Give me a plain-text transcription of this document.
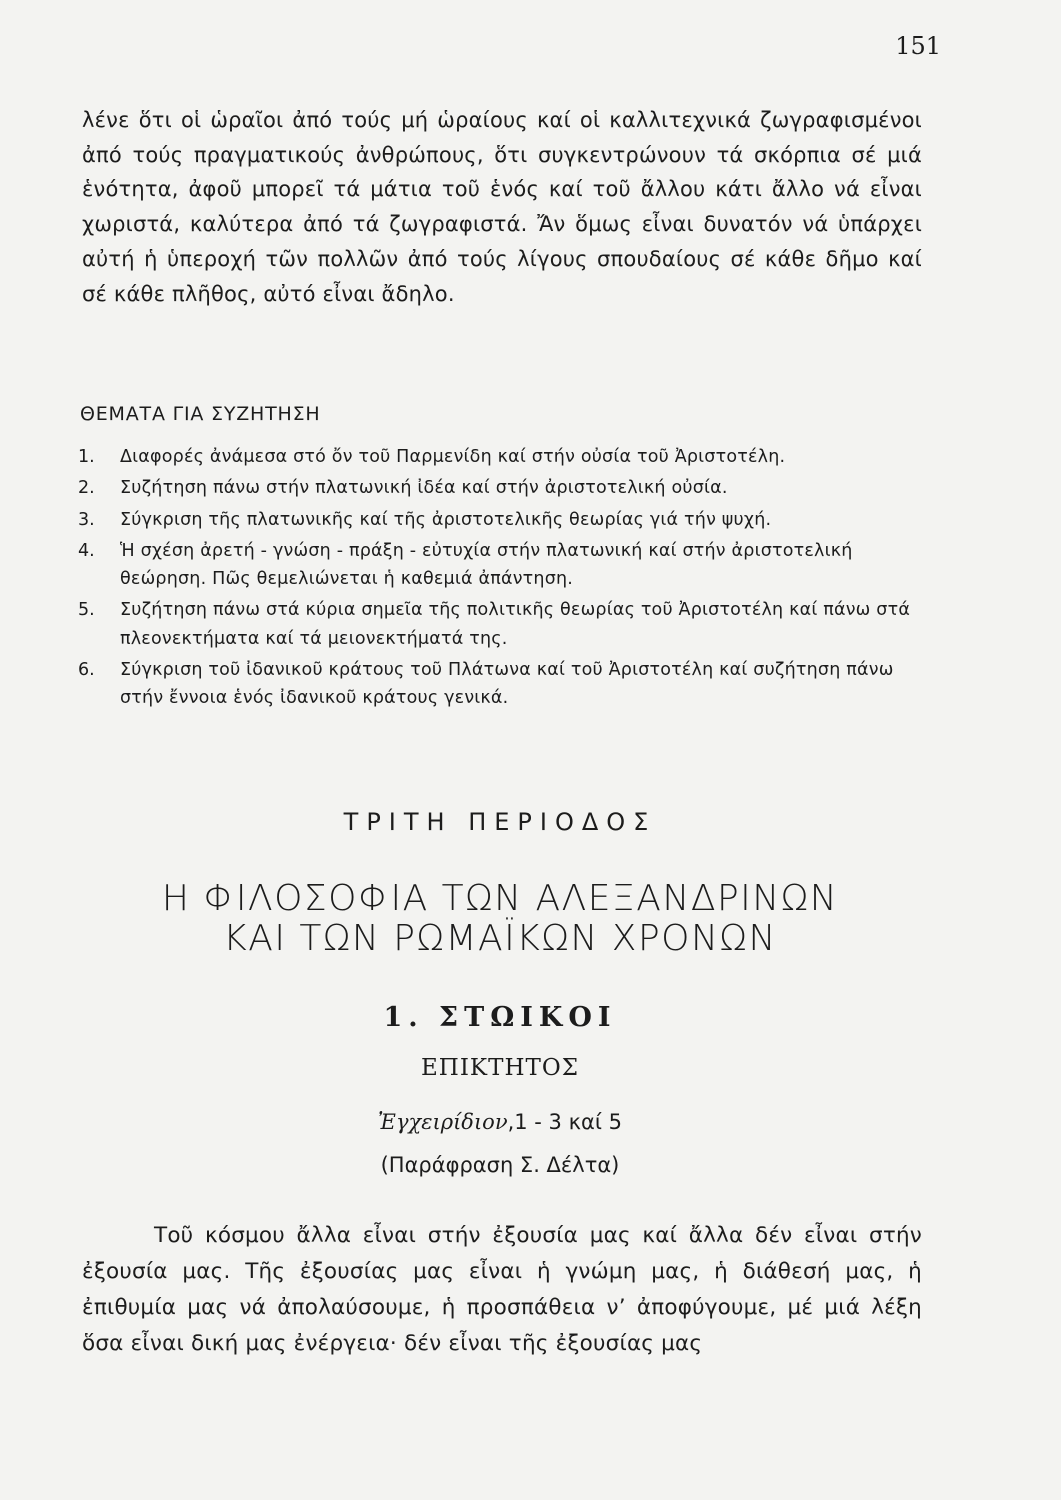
151

λένε ὅτι οἱ ὡραῖοι ἀπό τούς μή ὡραίους καί οἱ καλλιτεχνικά ζωγραφισμένοι ἀπό τούς πραγματικούς ἀνθρώπους, ὅτι συγκεντρώνουν τά σκόρπια σέ μιά ἑνότητα, ἀφοῦ μπορεῖ τά μάτια τοῦ ἑνός καί τοῦ ἄλλου κάτι ἄλλο νά εἶναι χωριστά, καλύτερα ἀπό τά ζωγραφιστά. Ἄν ὅμως εἶναι δυνατόν νά ὑπάρχει αὐτή ἡ ὑπεροχή τῶν πολλῶν ἀπό τούς λίγους σπουδαίους σέ κάθε δῆμο καί σέ κάθε πλῆθος, αὐτό εἶναι ἄδηλο.

ΘΕΜΑΤΑ ΓΙΑ ΣΥΖΗΤΗΣΗ
1.	Διαφορές ἀνάμεσα στό ὄν τοῦ Παρμενίδη καί στήν οὐσία τοῦ Ἀριστοτέλη.
2.	Συζήτηση πάνω στήν πλατωνική ἰδέα καί στήν ἀριστοτελική οὐσία.
3.	Σύγκριση τῆς πλατωνικῆς καί τῆς ἀριστοτελικῆς θεωρίας γιά τήν ψυχή.
4.	Ἡ σχέση ἀρετή - γνώση - πράξη - εὐτυχία στήν πλατωνική καί στήν ἀριστοτελική θεώρηση. Πῶς θεμελιώνεται ἡ καθεμιά ἀπάντηση.
5.	Συζήτηση πάνω στά κύρια σημεῖα τῆς πολιτικῆς θεωρίας τοῦ Ἀριστοτέλη καί πάνω στά πλεονεκτήματα καί τά μειονεκτήματά της.
6.	Σύγκριση τοῦ ἰδανικοῦ κράτους τοῦ Πλάτωνα καί τοῦ Ἀριστοτέλη καί συζήτηση πάνω στήν ἔννοια ἑνός ἰδανικοῦ κράτους γενικά.
ΤΡΙΤΗ ΠΕΡΙΟΔΟΣ
Η ΦΙΛΟΣΟΦΙΑ ΤΩΝ ΑΛΕΞΑΝΔΡΙΝΩΝ
ΚΑΙ ΤΩΝ ΡΩΜΑΪΚΩΝ ΧΡΟΝΩΝ
1. ΣΤΩΙΚΟΙ
ΕΠΙΚΤΗΤΟΣ
Ἐγχειρίδιον,1 - 3 καί 5
(Παράφραση Σ. Δέλτα)

Τοῦ κόσμου ἄλλα εἶναι στήν ἐξουσία μας καί ἄλλα δέν εἶναι στήν ἐξουσία μας. Τῆς ἐξουσίας μας εἶναι ἡ γνώμη μας, ἡ διάθεσή μας, ἡ ἐπιθυμία μας νά ἀπολαύσουμε, ἡ προσπάθεια ν’ ἀποφύγουμε, μέ μιά λέξη ὅσα εἶναι δική μας ἐνέργεια· δέν εἶναι τῆς ἐξουσίας μας
